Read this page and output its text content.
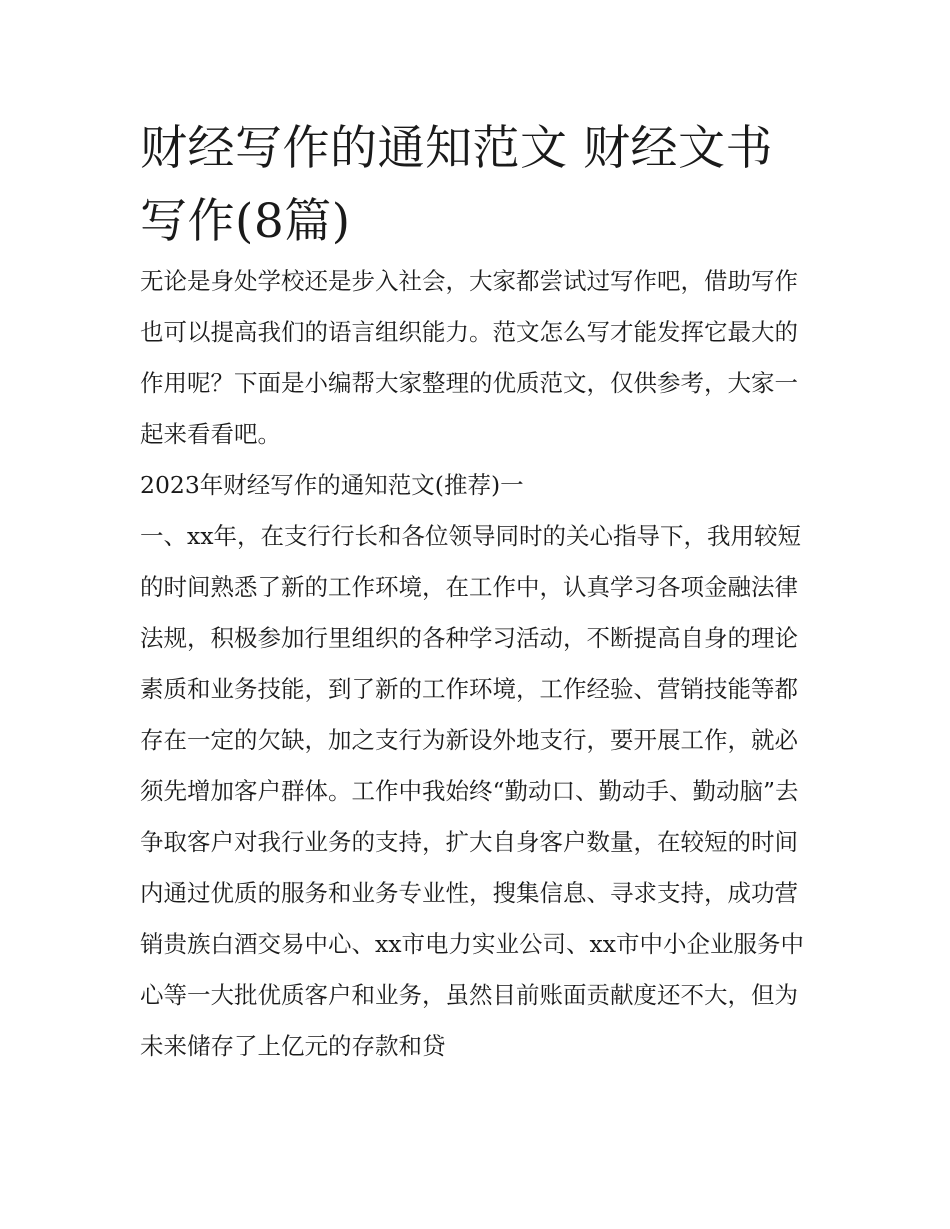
财经写作的通知范文 财经文书写作(8篇)

无论是身处学校还是步入社会，大家都尝试过写作吧，借助写作也可以提高我们的语言组织能力。范文怎么写才能发挥它最大的作用呢？下面是小编帮大家整理的优质范文，仅供参考，大家一起来看看吧。

2023年财经写作的通知范文(推荐)一

一、xx年，在支行行长和各位领导同时的关心指导下，我用较短的时间熟悉了新的工作环境，在工作中，认真学习各项金融法律法规，积极参加行里组织的各种学习活动，不断提高自身的理论素质和业务技能，到了新的工作环境，工作经验、营销技能等都存在一定的欠缺，加之支行为新设外地支行，要开展工作，就必须先增加客户群体。工作中我始终“勤动口、勤动手、勤动脑”去争取客户对我行业务的支持，扩大自身客户数量，在较短的时间内通过优质的服务和业务专业性，搜集信息、寻求支持，成功营销贵族白酒交易中心、xx市电力实业公司、xx市中小企业服务中心等一大批优质客户和业务，虽然目前账面贡献度还不大，但为未来储存了上亿元的存款和贷
